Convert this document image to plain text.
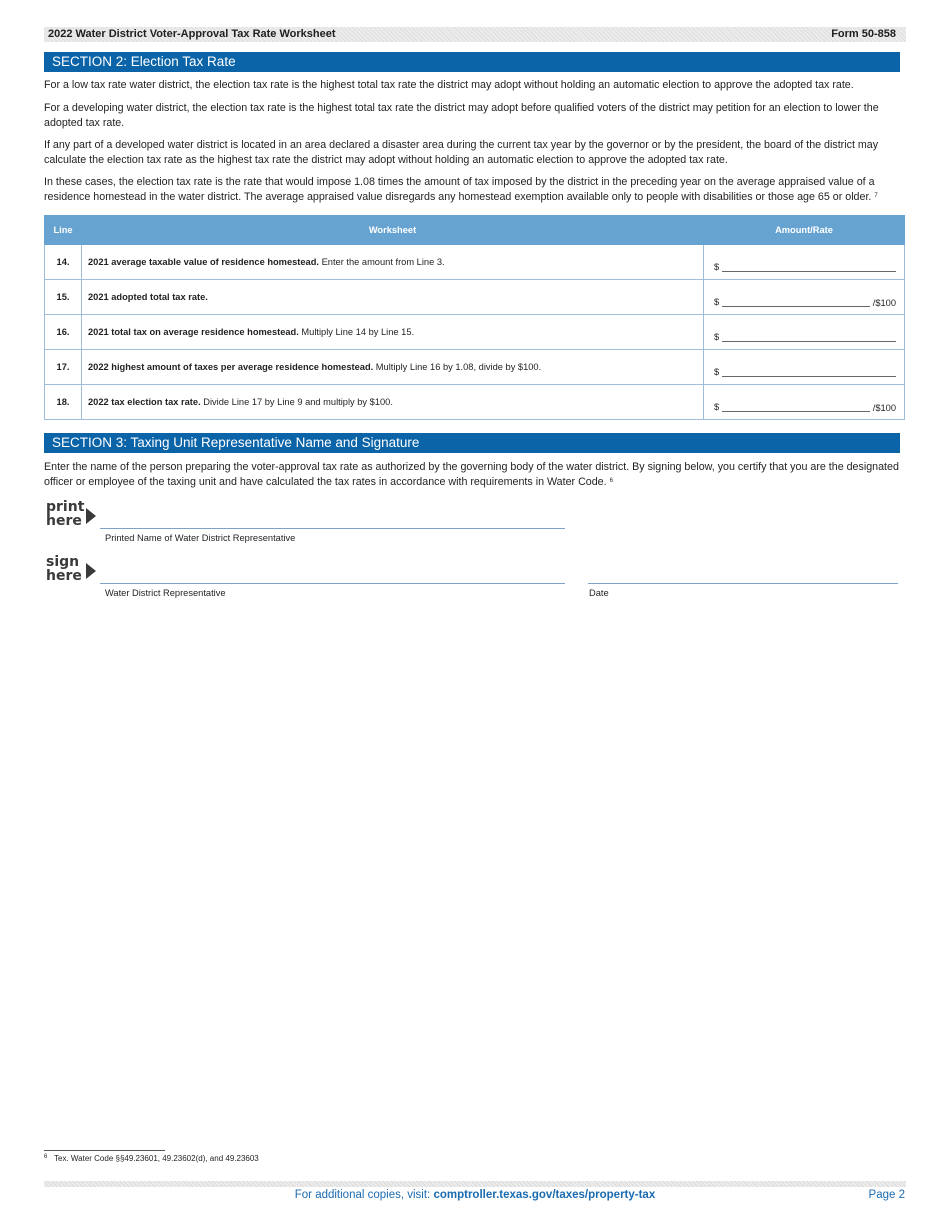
2022 Water District Voter-Approval Tax Rate Worksheet	Form 50-858
SECTION 2: Election Tax Rate

For a low tax rate water district, the election tax rate is the highest total tax rate the district may adopt without holding an automatic election to approve the adopted tax rate.

For a developing water district, the election tax rate is the highest total tax rate the district may adopt before qualified voters of the district may petition for an election to lower the adopted tax rate.

If any part of a developed water district is located in an area declared a disaster area during the current tax year by the governor or by the president, the board of the district may calculate the election tax rate as the highest tax rate the district may adopt without holding an automatic election to approve the adopted tax rate.

In these cases, the election tax rate is the rate that would impose 1.08 times the amount of tax imposed by the district in the preceding year on the average appraised value of a residence homestead in the water district. The average appraised value disregards any homestead exemption available only to people with disabilities or those age 65 or older. $^7$

Line	Worksheet	Amount/Rate
14.	2021 average taxable value of residence homestead. Enter the amount from Line 3.	$

15.	2021 adopted total tax rate.	$ /$100

16.	2021 total tax on average residence homestead. Multiply Line 14 by Line 15.	$

17.	2022 highest amount of taxes per average residence homestead. Multiply Line 16 by 1.08, divide by $100.	$

18.	2022 tax election tax rate. Divide Line 17 by Line 9 and multiply by $100.	$ /$100
SECTION 3: Taxing Unit Representative Name and Signature

Enter the name of the person preparing the voter-approval tax rate as authorized by the governing body of the water district. By signing below, you certify that you are the designated officer or employee of the taxing unit and have calculated the tax rates in accordance with requirements in Water Code. $^6$

print
here
Printed Name of Water District Representative
sign
here
Water District Representative	Date
6 Tex. Water Code §§49.23601, 49.23602(d), and 49.23603
For additional copies, visit: comptroller.texas.gov/taxes/property-tax	Page 2
